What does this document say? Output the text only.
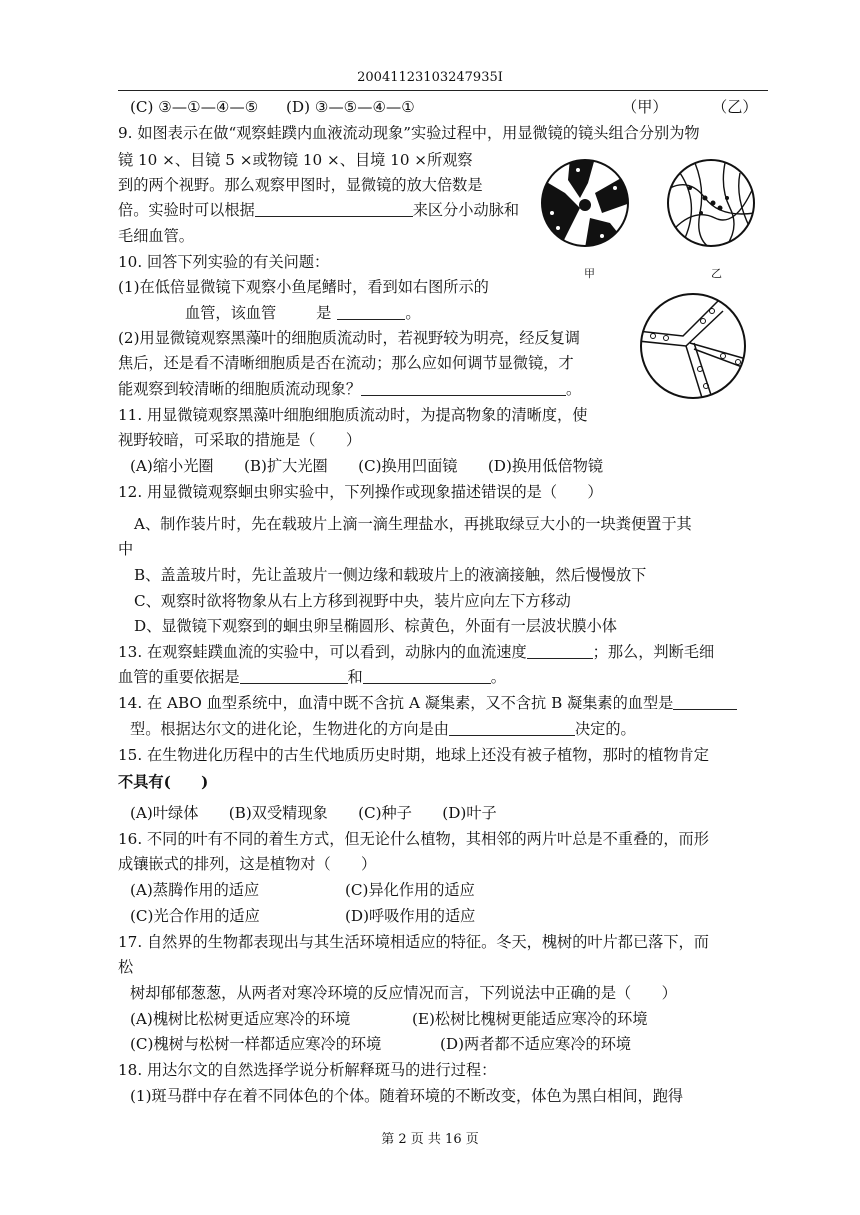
20041123103247935I
甲	乙
(C) ③—①—④—⑤ (D) ③—⑤—④—①	（甲）	（乙）
9. 如图表示在做“观察蛙蹼内血液流动现象”实验过程中，用显微镜的镜头组合分别为物
镜 10 ×、目镜 5 ×或物镜 10 ×、目境 10 ×所观察
到的两个视野。那么观察甲图时，显微镜的放大倍数是
倍。实验时可以根据	来区分小动脉和
毛细血管。
10. 回答下列实验的有关问题：
(1)在低倍显微镜下观察小鱼尾鳍时，看到如右图所示的
血管，该血管	是	。
(2)用显微镜观察黑藻叶的细胞质流动时，若视野较为明亮，经反复调
焦后，还是看不清晰细胞质是否在流动；那么应如何调节显微镜，才
能观察到较清晰的细胞质流动现象？	。
11. 用显微镜观察黑藻叶细胞细胞质流动时，为提高物象的清晰度，使
视野较暗，可采取的措施是（　　）
(A)缩小光圈　　(B)扩大光圈　　(C)换用凹面镜　　(D)换用低倍物镜
12. 用显微镜观察蛔虫卵实验中，下列操作或现象描述错误的是（　　）
A、制作装片时，先在载玻片上滴一滴生理盐水，再挑取绿豆大小的一块粪便置于其
中
B、盖盖玻片时，先让盖玻片一侧边缘和载玻片上的液滴接触，然后慢慢放下
C、观察时欲将物象从右上方移到视野中央，装片应向左下方移动
D、显微镜下观察到的蛔虫卵呈椭圆形、棕黄色，外面有一层波状膜小体
13. 在观察蛙蹼血流的实验中，可以看到，动脉内的血流速度	；那么，判断毛细
血管的重要依据是	和	。
14. 在 ABO 血型系统中，血清中既不含抗 A 凝集素，又不含抗 B 凝集素的血型是
型。根据达尔文的进化论，生物进化的方向是由	决定的。
15. 在生物进化历程中的古生代地质历史时期，地球上还没有被子植物，那时的植物肯定
不具有(　　)
(A)叶绿体　　(B)双受精现象　　(C)种子　　(D)叶子
16. 不同的叶有不同的着生方式，但无论什么植物，其相邻的两片叶总是不重叠的，而形
成镶嵌式的排列，这是植物对（　　）
(A)蒸腾作用的适应	(C)异化作用的适应
(C)光合作用的适应	(D)呼吸作用的适应
17. 自然界的生物都表现出与其生活环境相适应的特征。冬天，槐树的叶片都已落下，而
松
树却郁郁葱葱，从两者对寒冷环境的反应情况而言，下列说法中正确的是（　　）
(A)槐树比松树更适应寒冷的环境	(E)松树比槐树更能适应寒冷的环境
(C)槐树与松树一样都适应寒冷的环境	(D)两者都不适应寒冷的环境
18. 用达尔文的自然选择学说分析解释斑马的进行过程：
(1)斑马群中存在着不同体色的个体。随着环境的不断改变，体色为黑白相间，跑得
第 2 页 共 16 页
